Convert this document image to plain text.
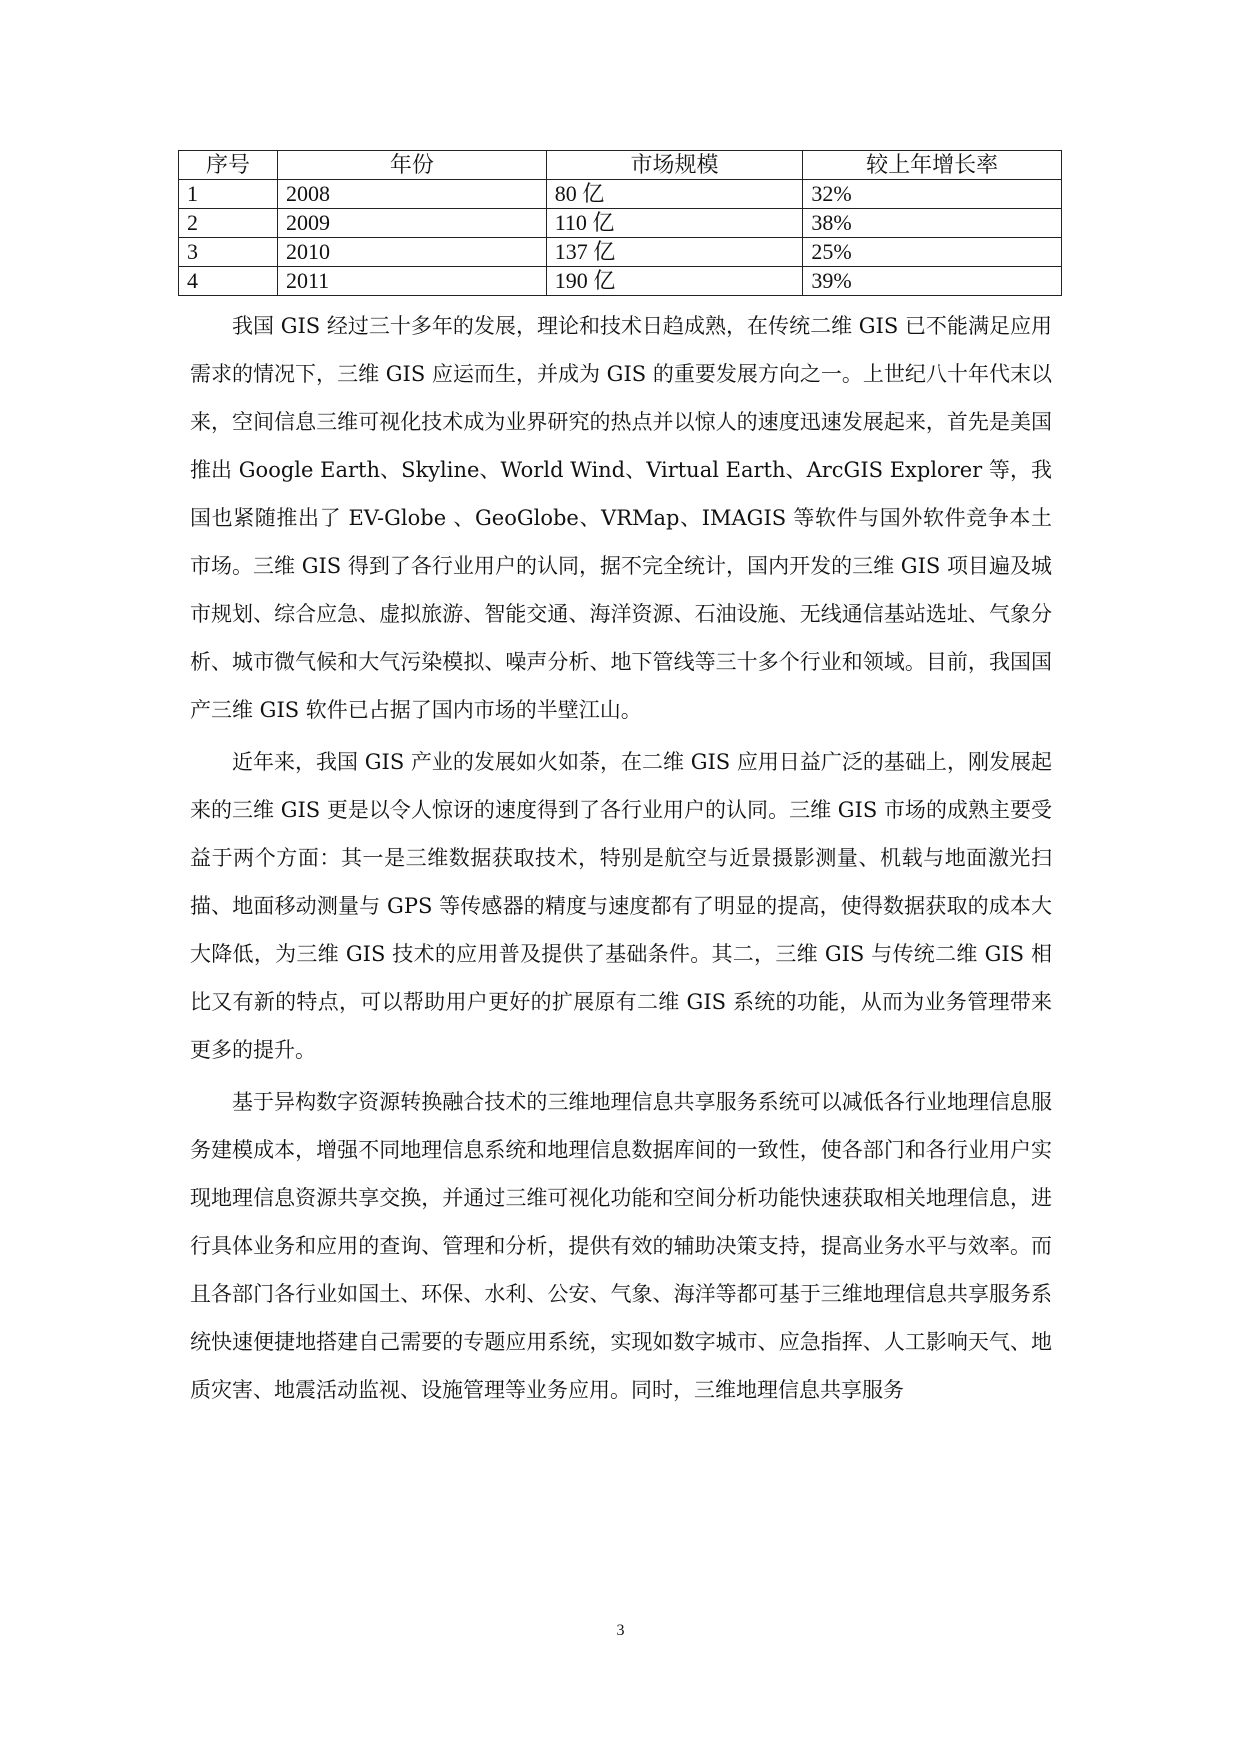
序号	年份	市场规模	较上年增长率
1	2008	80 亿	32%
2	2009	110 亿	38%
3	2010	137 亿	25%
4	2011	190 亿	39%

我国 GIS 经过三十多年的发展，理论和技术日趋成熟，在传统二维 GIS 已不能满足应用需求的情况下，三维 GIS 应运而生，并成为 GIS 的重要发展方向之一。上世纪八十年代末以来，空间信息三维可视化技术成为业界研究的热点并以惊人的速度迅速发展起来，首先是美国推出 Google Earth、Skyline、World Wind、Virtual Earth、ArcGIS Explorer 等，我国也紧随推出了 EV-Globe 、GeoGlobe、VRMap、IMAGIS 等软件与国外软件竞争本土市场。三维 GIS 得到了各行业用户的认同，据不完全统计，国内开发的三维 GIS 项目遍及城市规划、综合应急、虚拟旅游、智能交通、海洋资源、石油设施、无线通信基站选址、气象分析、城市微气候和大气污染模拟、噪声分析、地下管线等三十多个行业和领域。目前，我国国产三维 GIS 软件已占据了国内市场的半壁江山。

近年来，我国 GIS 产业的发展如火如荼，在二维 GIS 应用日益广泛的基础上，刚发展起来的三维 GIS 更是以令人惊讶的速度得到了各行业用户的认同。三维 GIS 市场的成熟主要受益于两个方面：其一是三维数据获取技术，特别是航空与近景摄影测量、机载与地面激光扫描、地面移动测量与 GPS 等传感器的精度与速度都有了明显的提高，使得数据获取的成本大大降低，为三维 GIS 技术的应用普及提供了基础条件。其二，三维 GIS 与传统二维 GIS 相比又有新的特点，可以帮助用户更好的扩展原有二维 GIS 系统的功能，从而为业务管理带来更多的提升。

基于异构数字资源转换融合技术的三维地理信息共享服务系统可以减低各行业地理信息服务建模成本，增强不同地理信息系统和地理信息数据库间的一致性，使各部门和各行业用户实现地理信息资源共享交换，并通过三维可视化功能和空间分析功能快速获取相关地理信息，进行具体业务和应用的查询、管理和分析，提供有效的辅助决策支持，提高业务水平与效率。而且各部门各行业如国土、环保、水利、公安、气象、海洋等都可基于三维地理信息共享服务系统快速便捷地搭建自己需要的专题应用系统，实现如数字城市、应急指挥、人工影响天气、地质灾害、地震活动监视、设施管理等业务应用。同时，三维地理信息共享服务

3
